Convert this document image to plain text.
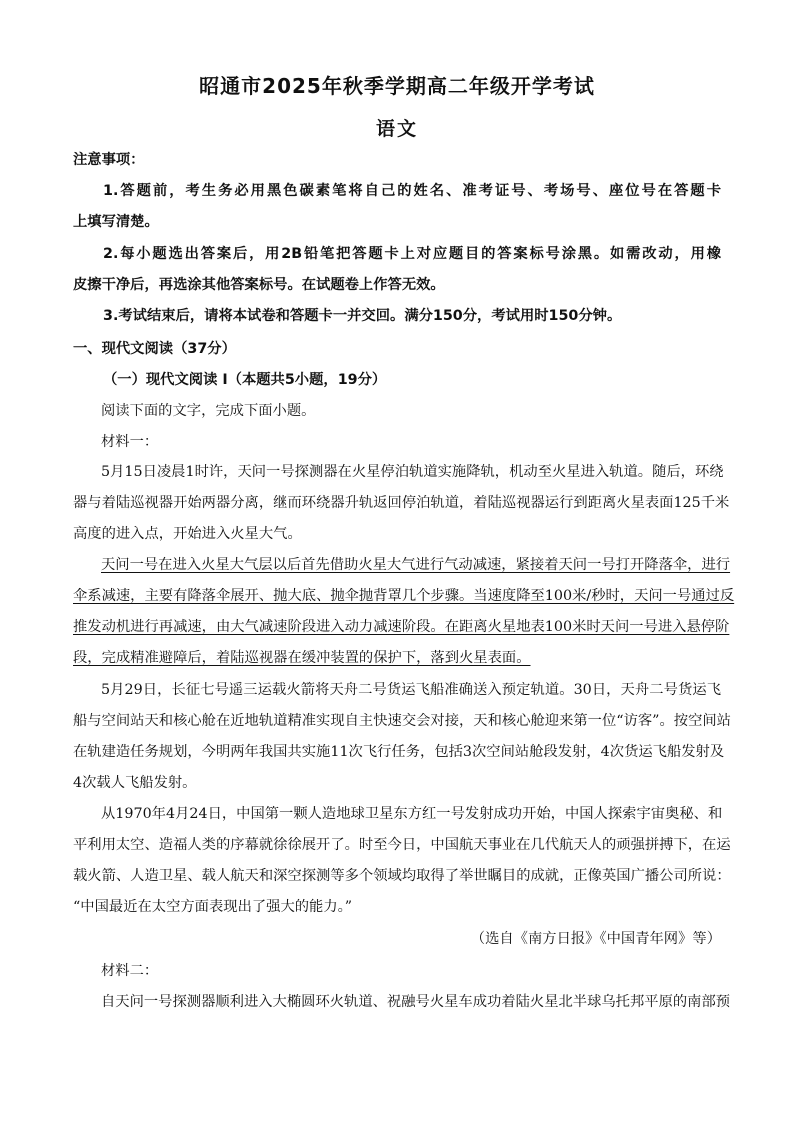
昭通市2025年秋季学期高二年级开学考试
语文
注意事项：
1.答题前，考生务必用黑色碳素笔将自己的姓名、准考证号、考场号、座位号在答题卡
上填写清楚。
2.每小题选出答案后，用2B铅笔把答题卡上对应题目的答案标号涂黑。如需改动，用橡
皮擦干净后，再选涂其他答案标号。在试题卷上作答无效。
3.考试结束后，请将本试卷和答题卡一并交回。满分150分，考试用时150分钟。
一、现代文阅读（37分）
（一）现代文阅读 I（本题共5小题，19分）
阅读下面的文字，完成下面小题。
材料一：
5月15日凌晨1时许，天问一号探测器在火星停泊轨道实施降轨，机动至火星进入轨道。随后，环绕
器与着陆巡视器开始两器分离，继而环绕器升轨返回停泊轨道，着陆巡视器运行到距离火星表面125千米
高度的进入点，开始进入火星大气。
天问一号在进入火星大气层以后首先借助火星大气进行气动减速，紧接着天问一号打开降落伞，进行
伞系减速，主要有降落伞展开、抛大底、抛伞抛背罩几个步骤。当速度降至100米/秒时，天问一号通过反
推发动机进行再减速，由大气减速阶段进入动力减速阶段。在距离火星地表100米时天问一号进入悬停阶
段，完成精准避障后，着陆巡视器在缓冲装置的保护下，落到火星表面。
5月29日，长征七号遥三运载火箭将天舟二号货运飞船准确送入预定轨道。30日，天舟二号货运飞
船与空间站天和核心舱在近地轨道精准实现自主快速交会对接，天和核心舱迎来第一位“访客”。按空间站
在轨建造任务规划，今明两年我国共实施11次飞行任务，包括3次空间站舱段发射，4次货运飞船发射及
4次载人飞船发射。
从1970年4月24日，中国第一颗人造地球卫星东方红一号发射成功开始，中国人探索宇宙奥秘、和
平利用太空、造福人类的序幕就徐徐展开了。时至今日，中国航天事业在几代航天人的顽强拼搏下，在运
载火箭、人造卫星、载人航天和深空探测等多个领域均取得了举世瞩目的成就，正像英国广播公司所说：
“中国最近在太空方面表现出了强大的能力。”
（选自《南方日报》《中国青年网》等）
材料二：
自天问一号探测器顺利进入大椭圆环火轨道、祝融号火星车成功着陆火星北半球乌托邦平原的南部预
